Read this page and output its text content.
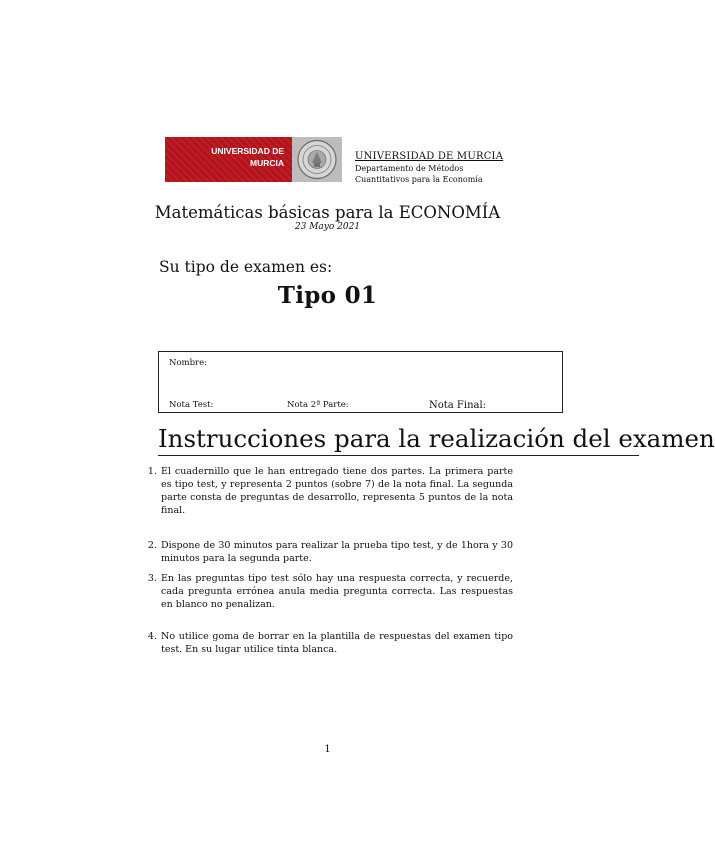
UNIVERSIDAD DE
MURCIA
UNIVERSIDAD DE MURCIA
Departamento de Métodos
Cuantitativos para la Economía
Matemáticas básicas para la ECONOMÍA
23 Mayo 2021
Su tipo de examen es:
Tipo 01
Nombre:
Nota Test:	Nota 2ª Parte:	Nota Final:
Instrucciones para la realización del examen
1. El cuadernillo que le han entregado tiene dos partes. La primera parte es tipo test, y representa 2 puntos (sobre 7) de la nota final. La segunda parte consta de preguntas de desarrollo, representa 5 puntos de la nota final.
2. Dispone de 30 minutos para realizar la prueba tipo test, y de 1hora y 30 minutos para la segunda parte.
3. En las preguntas tipo test sólo hay una respuesta correcta, y recuerde, cada pregunta errónea anula media pregunta correcta. Las respuestas en blanco no penalizan.
4. No utilice goma de borrar en la plantilla de respuestas del examen tipo test. En su lugar utilice tinta blanca.
1
